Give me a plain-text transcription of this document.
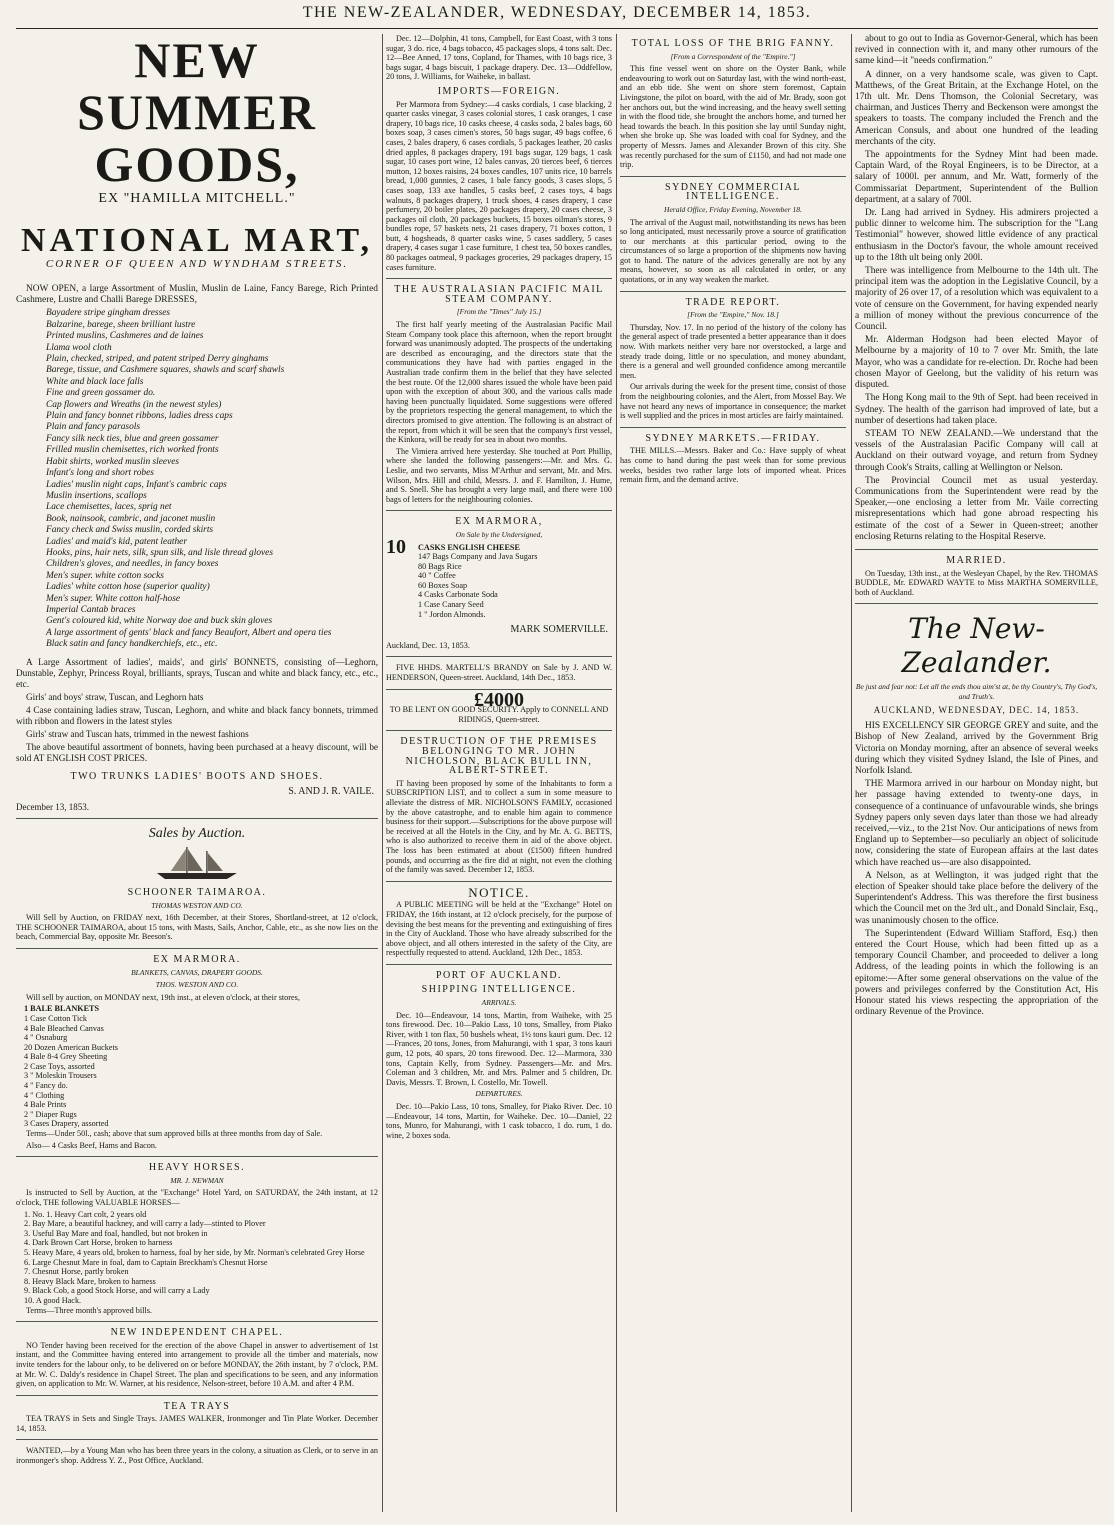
THE NEW-ZEALANDER, WEDNESDAY, DECEMBER 14, 1853.
NEW SUMMER GOODS,
EX "HAMILLA MITCHELL."
NATIONAL MART,
CORNER OF QUEEN AND WYNDHAM STREETS.

NOW OPEN, a large Assortment of Muslin, Muslin de Laine, Fancy Barege, Rich Printed Cashmere, Lustre and Challi Barege DRESSES,

Bayadere stripe gingham dresses
Balzarine, barege, sheen brilliant lustre
Printed muslins, Cashmeres and de laines
Llama wool cloth
Plain, checked, striped, and patent striped Derry ginghams
Barege, tissue, and Cashmere squares, shawls and scarf shawls
White and black lace falls
Fine and green gossamer do.
Cap flowers and Wreaths (in the newest styles)
Plain and fancy bonnet ribbons, ladies dress caps
Plain and fancy parasols
Fancy silk neck ties, blue and green gossamer
Frilled muslin chemisettes, rich worked fronts
Habit shirts, worked muslin sleeves
Infant's long and short robes
Ladies' muslin night caps, Infant's cambric caps
Muslin insertions, scallops
Lace chemisettes, laces, sprig net
Book, nainsook, cambric, and jaconet muslin
Fancy check and Swiss muslin, corded skirts
Ladies' and maid's kid, patent leather
Hooks, pins, hair nets, silk, spun silk, and lisle thread gloves
Children's gloves, and needles, in fancy boxes
Men's super. white cotton socks
Ladies' white cotton hose (superior quality)
Men's super. White cotton half-hose
Imperial Cantab braces
Gent's coloured kid, white Norway doe and buck skin gloves
A large assortment of gents' black and fancy Beaufort, Albert and opera ties
Black satin and fancy handkerchiefs, etc., etc.

A Large Assortment of ladies', maids', and girls' BONNETS, consisting of—Leghorn, Dunstable, Zephyr, Princess Royal, brilliants, sprays, Tuscan and white and black fancy, etc., etc., etc.

Girls' and boys' straw, Tuscan, and Leghorn hats

4 Case containing ladies straw, Tuscan, Leghorn, and white and black fancy bonnets, trimmed with ribbon and flowers in the latest styles

Girls' straw and Tuscan hats, trimmed in the newest fashions

The above beautiful assortment of bonnets, having been purchased at a heavy discount, will be sold AT ENGLISH COST PRICES.

TWO TRUNKS LADIES' BOOTS AND SHOES.
S. AND J. R. VAILE.
December 13, 1853.
Sales by Auction.
SCHOONER TAIMAROA.
THOMAS WESTON AND CO.

Will Sell by Auction, on FRIDAY next, 16th December, at their Stores, Shortland-street, at 12 o'clock, THE SCHOONER TAIMAROA, about 15 tons, with Masts, Sails, Anchor, Cable, etc., as she now lies on the beach, Commercial Bay, opposite Mr. Beeson's.

EX MARMORA.
BLANKETS, CANVAS, DRAPERY GOODS.
THOS. WESTON AND CO.

Will sell by auction, on MONDAY next, 19th inst., at eleven o'clock, at their stores,

1 BALE BLANKETS
1 Case Cotton Tick
4 Bale Bleached Canvas
4 " Osnaburg
20 Dozen American Buckets
4 Bale 8-4 Grey Sheeting
2 Case Toys, assorted
3 " Moleskin Trousers
4 " Fancy do.
4 " Clothing
4 Bale Prints
2 " Diaper Rugs
3 Cases Drapery, assorted

Terms—Under 50l., cash; above that sum approved bills at three months from day of Sale.

Also— 4 Casks Beef, Hams and Bacon.

HEAVY HORSES.
MR. J. NEWMAN

Is instructed to Sell by Auction, at the "Exchange" Hotel Yard, on SATURDAY, the 24th instant, at 12 o'clock, THE following VALUABLE HORSES—

1. No. 1. Heavy Cart colt, 2 years old
2. Bay Mare, a beautiful hackney, and will carry a lady—stinted to Plover
3. Useful Bay Mare and foal, handled, but not broken in
4. Dark Brown Cart Horse, broken to harness
5. Heavy Mare, 4 years old, broken to harness, foal by her side, by Mr. Norman's celebrated Grey Horse
6. Large Chesnut Mare in foal, dam to Captain Breckham's Chesnut Horse
7. Chesnut Horse, partly broken
8. Heavy Black Mare, broken to harness
9. Black Cob, a good Stock Horse, and will carry a Lady
10. A good Hack.

Terms—Three month's approved bills.

NEW INDEPENDENT CHAPEL.

NO Tender having been received for the erection of the above Chapel in answer to advertisement of 1st instant, and the Committee having entered into arrangement to provide all the timber and materials, now invite tenders for the labour only, to be delivered on or before MONDAY, the 26th instant, by 7 o'clock, P.M. at Mr. W. C. Daldy's residence in Chapel Street. The plan and specifications to be seen, and any information given, on application to Mr. W. Warner, at his residence, Nelson-street, before 10 A.M. and after 4 P.M.

TEA TRAYS

TEA TRAYS in Sets and Single Trays. JAMES WALKER, Ironmonger and Tin Plate Worker. December 14, 1853.

WANTED,—by a Young Man who has been three years in the colony, a situation as Clerk, or to serve in an ironmonger's shop. Address Y. Z., Post Office, Auckland.

Dec. 12—Dolphin, 41 tons, Campbell, for East Coast, with 3 tons sugar, 3 do. rice, 4 bags tobacco, 45 packages slops, 4 tons salt. Dec. 12—Bee Anned, 17 tons, Copland, for Thames, with 10 bags rice, 3 bags sugar, 4 bags biscuit, 1 package drapery. Dec. 13—Oddfellow, 20 tons, J. Williams, for Waiheke, in ballast.

IMPORTS—FOREIGN.

Per Marmora from Sydney:—4 casks cordials, 1 case blacking, 2 quarter casks vinegar, 3 cases colonial stores, 1 cask oranges, 1 case drapery, 10 bags rice, 10 casks cheese, 4 casks soda, 2 bales bags, 60 boxes soap, 3 cases cimen's stores, 50 bags sugar, 49 bags coffee, 6 cases, 2 bales drapery, 6 cases cordials, 5 packages leather, 20 casks dried apples, 8 packages drapery, 191 bags sugar, 129 bags, 1 cask sugar, 10 cases port wine, 12 bales canvas, 20 tierces beef, 6 tierces mutton, 12 boxes raisins, 24 boxes candles, 107 units rice, 10 barrels bread, 1,000 gunnies, 2 cases, 1 bale fancy goods, 3 cases slops, 5 cases soap, 133 axe handles, 5 casks beef, 2 cases toys, 4 bags walnuts, 8 packages drapery, 1 truck shoes, 4 cases drapery, 1 case perfumery, 20 boiler plates, 20 packages drapery, 20 cases cheese, 3 packages oil cloth, 20 packages buckets, 15 boxes oilman's stores, 9 bundles rope, 57 baskets nets, 21 cases drapery, 71 boxes cotton, 1 butt, 4 hogsheads, 8 quarter casks wine, 5 cases saddlery, 5 cases drapery, 4 cases sugar 1 case furniture, 1 chest tea, 50 boxes candles, 80 packages oatmeal, 9 packages groceries, 29 packages drapery, 15 cases furniture.

THE AUSTRALASIAN PACIFIC MAIL STEAM COMPANY.
[From the "Times" July 15.]

The first half yearly meeting of the Australasian Pacific Mail Steam Company took place this afternoon, when the report brought forward was unanimously adopted. The prospects of the undertaking are described as encouraging, and the directors state that the communications they have had with parties engaged in the Australian trade confirm them in the belief that they have selected the best route. Of the 12,000 shares issued the whole have been paid upon with the exception of about 300, and the various calls made having been punctually liquidated. Some suggestions were offered by the proprietors respecting the general management, to which the directors promised to give attention. The following is an abstract of the report, from which it will be seen that the company's first vessel, the Kinkora, will be ready for sea in about two months.

The Vimiera arrived here yesterday. She touched at Port Phillip, where she landed the following passengers:—Mr. and Mrs. G. Leslie, and two servants, Miss M'Arthur and servant, Mr. and Mrs. Wilson, Mrs. Hill and child, Messrs. J. and F. Hamilton, J. Hume, and S. Snell. She has brought a very large mail, and there were 100 bags of letters for the neighbouring colonies.

EX MARMORA,
On Sale by the Undersigned,
10 CASKS ENGLISH CHEESE
147 Bags Company and Java Sugars
80 Bags Rice
40 " Coffee
60 Boxes Soap
4 Casks Carbonate Soda
1 Case Canary Seed
1 " Jordon Almonds.
MARK SOMERVILLE.
Auckland, Dec. 13, 1853.

FIVE HHDS. MARTELL'S BRANDY on Sale by J. AND W. HENDERSON, Queen-street. Auckland, 14th Dec., 1853.

£4000

TO BE LENT ON GOOD SECURITY. Apply to CONNELL AND RIDINGS, Queen-street.

DESTRUCTION OF THE PREMISES BELONGING TO MR. JOHN NICHOLSON, BLACK BULL INN, ALBERT-STREET.

IT having been proposed by some of the Inhabitants to form a SUBSCRIPTION LIST, and to collect a sum in some measure to alleviate the distress of MR. NICHOLSON'S FAMILY, occasioned by the above catastrophe, and to enable him again to commence business for their support.—Subscriptions for the above purpose will be received at all the Hotels in the City, and by Mr. A. G. BETTS, who is also authorized to receive them in aid of the above object. The loss has been estimated at about (£1500) fifteen hundred pounds, and occurring as the fire did at night, not even the clothing of the family was saved. December 12, 1853.

NOTICE.

A PUBLIC MEETING will be held at the "Exchange" Hotel on FRIDAY, the 16th instant, at 12 o'clock precisely, for the purpose of devising the best means for the preventing and extinguishing of fires in the City of Auckland. Those who have already subscribed for the above object, and all others interested in the safety of the City, are respectfully requested to attend. Auckland, 12th Dec., 1853.

PORT OF AUCKLAND.
SHIPPING INTELLIGENCE.
ARRIVALS.

Dec. 10—Endeavour, 14 tons, Martin, from Waiheke, with 25 tons firewood. Dec. 10—Pakio Lass, 10 tons, Smalley, from Piako River, with 1 ton flax, 50 bushels wheat, 1½ tons kauri gum. Dec. 12—Frances, 20 tons, Jones, from Mahurangi, with 1 spar, 3 tons kauri gum, 12 pots, 40 spars, 20 tons firewood. Dec. 12—Marmora, 330 tons, Captain Kelly, from Sydney. Passengers—Mr. and Mrs. Coleman and 3 children, Mr. and Mrs. Palmer and 5 children, Dr. Davis, Messrs. T. Brown, I. Costello, Mr. Towell.

DEPARTURES.

Dec. 10—Pakio Lass, 10 tons, Smalley, for Piako River. Dec. 10—Endeavour, 14 tons, Martin, for Waiheke. Dec. 10—Daniel, 22 tons, Munro, for Mahurangi, with 1 cask tobacco, 1 do. rum, 1 do. wine, 2 boxes soda.

TOTAL LOSS OF THE BRIG FANNY.
[From a Correspondent of the "Empire."]

This fine vessel went on shore on the Oyster Bank, while endeavouring to work out on Saturday last, with the wind north-east, and an ebb tide. She went on shore stern foremost, Captain Livingstone, the pilot on board, with the aid of Mr. Brady, soon got her anchors out, but the wind increasing, and the heavy swell setting in with the flood tide, she brought the anchors home, and turned her head towards the beach. In this position she lay until Sunday night, when she broke up. She was loaded with coal for Sydney, and the property of Messrs. James and Alexander Brown of this city. She was recently purchased for the sum of £1150, and had not made one trip.

SYDNEY COMMERCIAL INTELLIGENCE.
Herald Office, Friday Evening, November 18.

The arrival of the August mail, notwithstanding its news has been so long anticipated, must necessarily prove a source of gratification to our merchants at this particular period, owing to the circumstances of so large a proportion of the shipments now having got to hand. The nature of the advices generally are not by any means, however, so soon as all calculated in order, or any quotations, or in any way weaken the market.

TRADE REPORT.
[From the "Empire," Nov. 18.]

Thursday, Nov. 17. In no period of the history of the colony has the general aspect of trade presented a better appearance than it does now. With markets neither very bare nor overstocked, a large and steady trade doing, little or no speculation, and money abundant, there is a general and well grounded confidence among mercantile men.

Our arrivals during the week for the present time, consist of those from the neighbouring colonies, and the Alert, from Mossel Bay. We have not heard any news of importance in consequence; the market is well supplied and the prices in most articles are fairly maintained.

SYDNEY MARKETS.—FRIDAY.

THE MILLS.—Messrs. Baker and Co.: Have supply of wheat has come to hand during the past week than for some previous weeks, besides two rather large lots of imported wheat. Prices remain firm, and the demand active.

about to go out to India as Governor-General, which has been revived in connection with it, and many other rumours of the same kind—it "needs confirmation."

A dinner, on a very handsome scale, was given to Capt. Matthews, of the Great Britain, at the Exchange Hotel, on the 17th ult. Mr. Dens Thomson, the Colonial Secretary, was chairman, and Justices Therry and Beckenson were amongst the speakers to toasts. The company included the French and the American Consuls, and about one hundred of the leading merchants of the city.

The appointments for the Sydney Mint had been made. Captain Ward, of the Royal Engineers, is to be Director, at a salary of 1000l. per annum, and Mr. Watt, formerly of the Commissariat Department, Superintendent of the Bullion department, at a salary of 700l.

Dr. Lang had arrived in Sydney. His admirers projected a public dinner to welcome him. The subscription for the "Lang Testimonial" however, showed little evidence of any practical enthusiasm in the Doctor's favour, the whole amount received up to the 18th ult being only 200l.

There was intelligence from Melbourne to the 14th ult. The principal item was the adoption in the Legislative Council, by a majority of 26 over 17, of a resolution which was equivalent to a vote of censure on the Government, for having expended nearly a million of money without the previous concurrence of the Council.

Mr. Alderman Hodgson had been elected Mayor of Melbourne by a majority of 10 to 7 over Mr. Smith, the late Mayor, who was a candidate for re-election. Dr. Roche had been chosen Mayor of Geelong, but the validity of his return was disputed.

The Hong Kong mail to the 9th of Sept. had been received in Sydney. The health of the garrison had improved of late, but a number of desertions had taken place.

STEAM TO NEW ZEALAND.—We understand that the vessels of the Australasian Pacific Company will call at Auckland on their outward voyage, and return from Sydney through Cook's Straits, calling at Wellington or Nelson.

The Provincial Council met as usual yesterday. Communications from the Superintendent were read by the Speaker,—one enclosing a letter from Mr. Vaile correcting misrepresentations which had gone abroad respecting his estimate of the cost of a Sewer in Queen-street; another enclosing Returns relating to the Hospital Reserve.

MARRIED.

On Tuesday, 13th inst., at the Wesleyan Chapel, by the Rev. THOMAS BUDDLE, Mr. EDWARD WAYTE to Miss MARTHA SOMERVILLE, both of Auckland.

The New-Zealander.
Be just and fear not: Let all the ends thou aim'st at, be thy Country's, Thy God's, and Truth's.
AUCKLAND, WEDNESDAY, DEC. 14, 1853.

HIS EXCELLENCY SIR GEORGE GREY and suite, and the Bishop of New Zealand, arrived by the Government Brig Victoria on Monday morning, after an absence of several weeks during which they visited Sydney Island, the Isle of Pines, and Norfolk Island.

THE Marmora arrived in our harbour on Monday night, but her passage having extended to twenty-one days, in consequence of a continuance of unfavourable winds, she brings Sydney papers only seven days later than those we had already received,—viz., to the 21st Nov. Our anticipations of news from England up to September—so peculiarly an object of solicitude now, considering the state of European affairs at the last dates which have reached us—are also disappointed.

A Nelson, as at Wellington, it was judged right that the election of Speaker should take place before the delivery of the Superintendent's Address. This was therefore the first business which the Council met on the 3rd ult., and Donald Sinclair, Esq., was unanimously chosen to the office.

The Superintendent (Edward William Stafford, Esq.) then entered the Court House, which had been fitted up as a temporary Council Chamber, and proceeded to deliver a long Address, of the leading points in which the following is an epitome:—After some general observations on the value of the powers and privileges conferred by the Constitution Act, His Honour stated his views respecting the appropriation of the ordinary Revenue of the Province.
